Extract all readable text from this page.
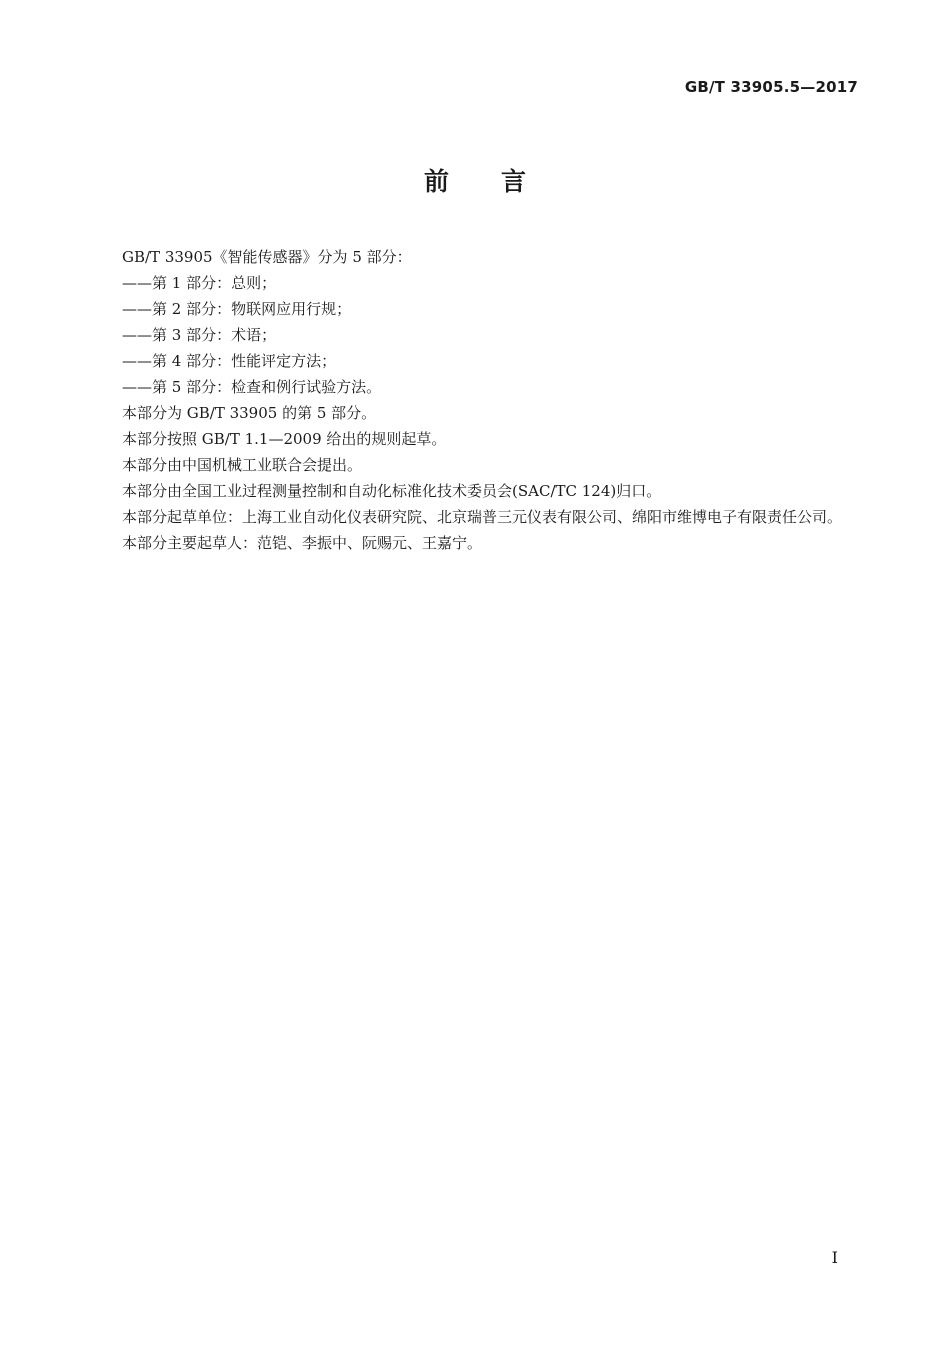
GB/T 33905.5—2017
前言

GB/T 33905《智能传感器》分为 5 部分：

——第 1 部分：总则；

——第 2 部分：物联网应用行规；

——第 3 部分：术语；

——第 4 部分：性能评定方法；

——第 5 部分：检查和例行试验方法。

本部分为 GB/T 33905 的第 5 部分。

本部分按照 GB/T 1.1—2009 给出的规则起草。

本部分由中国机械工业联合会提出。

本部分由全国工业过程测量控制和自动化标准化技术委员会(SAC/TC 124)归口。

本部分起草单位：上海工业自动化仪表研究院、北京瑞普三元仪表有限公司、绵阳市维博电子有限责任公司。

本部分主要起草人：范铠、李振中、阮赐元、王嘉宁。

I
